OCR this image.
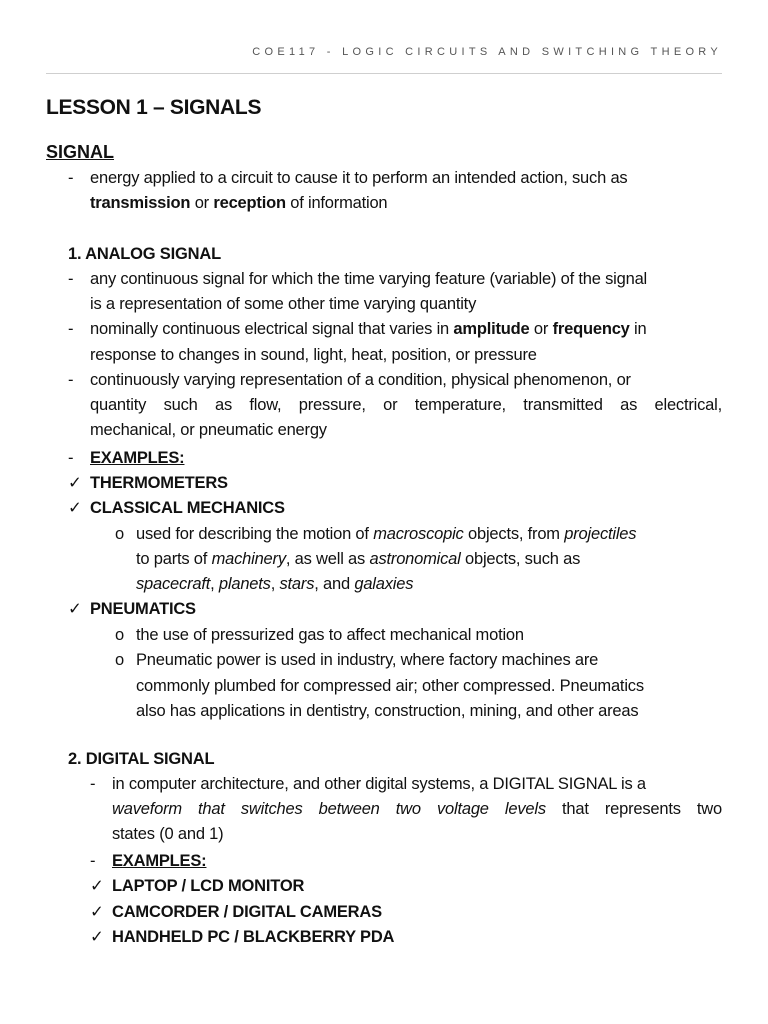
COE117 - LOGIC CIRCUITS AND SWITCHING THEORY
LESSON 1 – SIGNALS
SIGNAL
- energy applied to a circuit to cause it to perform an intended action, such as
transmission or reception of information
1. ANALOG SIGNAL
- any continuous signal for which the time varying feature (variable) of the signal
is a representation of some other time varying quantity
- nominally continuous electrical signal that varies in amplitude or frequency in
response to changes in sound, light, heat, position, or pressure
- continuously varying representation of a condition, physical phenomenon, or
quantity such as flow, pressure, or temperature, transmitted as electrical,
mechanical, or pneumatic energy
- EXAMPLES:
✓ THERMOMETERS
✓ CLASSICAL MECHANICS
o used for describing the motion of macroscopic objects, from projectiles
to parts of machinery, as well as astronomical objects, such as
spacecraft, planets, stars, and galaxies
✓ PNEUMATICS
o the use of pressurized gas to affect mechanical motion
o Pneumatic power is used in industry, where factory machines are
commonly plumbed for compressed air; other compressed. Pneumatics
also has applications in dentistry, construction, mining, and other areas
2. DIGITAL SIGNAL
- in computer architecture, and other digital systems, a DIGITAL SIGNAL is a
waveform that switches between two voltage levels that represents two
states (0 and 1)
- EXAMPLES:
✓ LAPTOP / LCD MONITOR
✓ CAMCORDER / DIGITAL CAMERAS
✓ HANDHELD PC / BLACKBERRY PDA
